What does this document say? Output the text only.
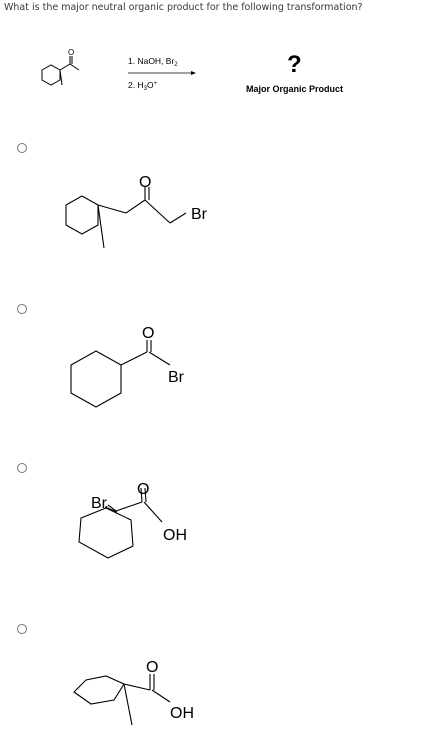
What is the major neutral organic product for the following transformation?
O
1. NaOH, $Br_2$
2. $H_3O^+$
?
Major Organic Product
O
Br
O
Br
O
Br
OH
O
OH
